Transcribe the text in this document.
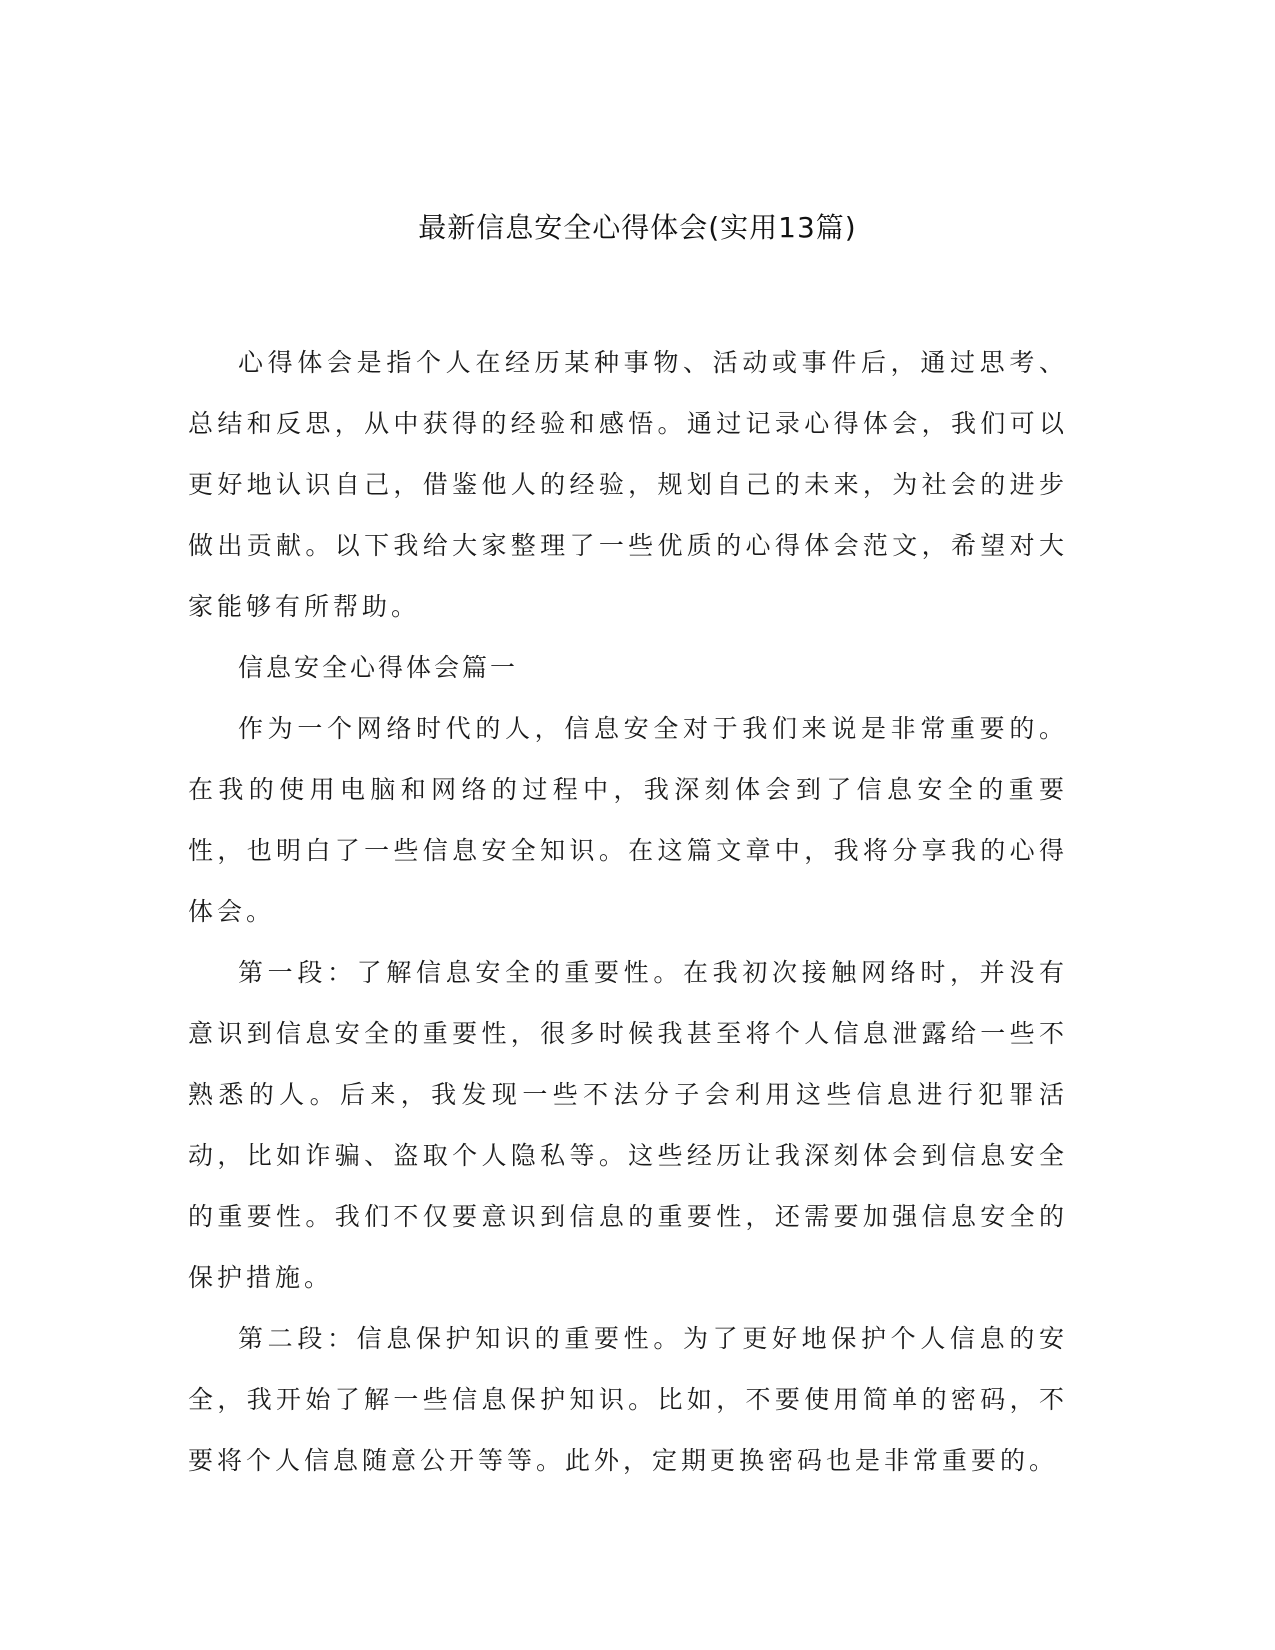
最新信息安全心得体会(实用13篇)

心得体会是指个人在经历某种事物、活动或事件后，通过思考、总结和反思，从中获得的经验和感悟。通过记录心得体会，我们可以更好地认识自己，借鉴他人的经验，规划自己的未来，为社会的进步做出贡献。以下我给大家整理了一些优质的心得体会范文，希望对大家能够有所帮助。

信息安全心得体会篇一

作为一个网络时代的人，信息安全对于我们来说是非常重要的。在我的使用电脑和网络的过程中，我深刻体会到了信息安全的重要性，也明白了一些信息安全知识。在这篇文章中，我将分享我的心得体会。

第一段：了解信息安全的重要性。在我初次接触网络时，并没有意识到信息安全的重要性，很多时候我甚至将个人信息泄露给一些不熟悉的人。后来，我发现一些不法分子会利用这些信息进行犯罪活动，比如诈骗、盗取个人隐私等。这些经历让我深刻体会到信息安全的重要性。我们不仅要意识到信息的重要性，还需要加强信息安全的保护措施。

第二段：信息保护知识的重要性。为了更好地保护个人信息的安全，我开始了解一些信息保护知识。比如，不要使用简单的密码，不要将个人信息随意公开等等。此外，定期更换密码也是非常重要的。
